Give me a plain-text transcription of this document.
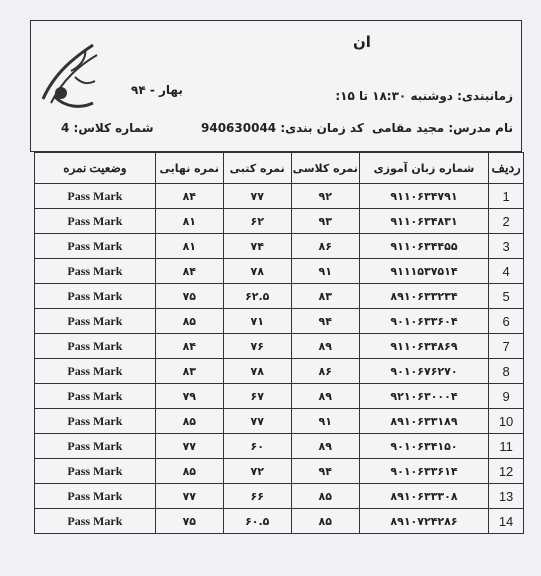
ان
زمانبندی: دوشنبه ۱۸:۳۰ تا ۱۵:
بهار - ۹۴
نام مدرس: مجید مقامی
کد زمان بندی: 940630044
شماره کلاس: 4
ردیف	شماره زبان آموزی	نمره کلاسی	نمره کتبی	نمره نهایی	وضعیت نمره
1	۹۱۱۰۶۳۴۷۹۱	۹۲	۷۷	۸۴	Pass Mark
2	۹۱۱۰۶۳۴۸۳۱	۹۳	۶۲	۸۱	Pass Mark
3	۹۱۱۰۶۳۴۴۵۵	۸۶	۷۴	۸۱	Pass Mark
4	۹۱۱۱۵۳۷۵۱۴	۹۱	۷۸	۸۴	Pass Mark
5	۸۹۱۰۶۳۳۲۳۴	۸۳	۶۲.۵	۷۵	Pass Mark
6	۹۰۱۰۶۳۳۶۰۴	۹۴	۷۱	۸۵	Pass Mark
7	۹۱۱۰۶۳۴۸۶۹	۸۹	۷۶	۸۴	Pass Mark
8	۹۰۱۰۶۷۶۲۷۰	۸۶	۷۸	۸۳	Pass Mark
9	۹۲۱۰۶۳۰۰۰۴	۸۹	۶۷	۷۹	Pass Mark
10	۸۹۱۰۶۳۳۱۸۹	۹۱	۷۷	۸۵	Pass Mark
11	۹۰۱۰۶۳۴۱۵۰	۸۹	۶۰	۷۷	Pass Mark
12	۹۰۱۰۶۳۳۶۱۴	۹۴	۷۲	۸۵	Pass Mark
13	۸۹۱۰۶۳۳۳۰۸	۸۵	۶۶	۷۷	Pass Mark
14	۸۹۱۰۷۲۴۲۸۶	۸۵	۶۰.۵	۷۵	Pass Mark
